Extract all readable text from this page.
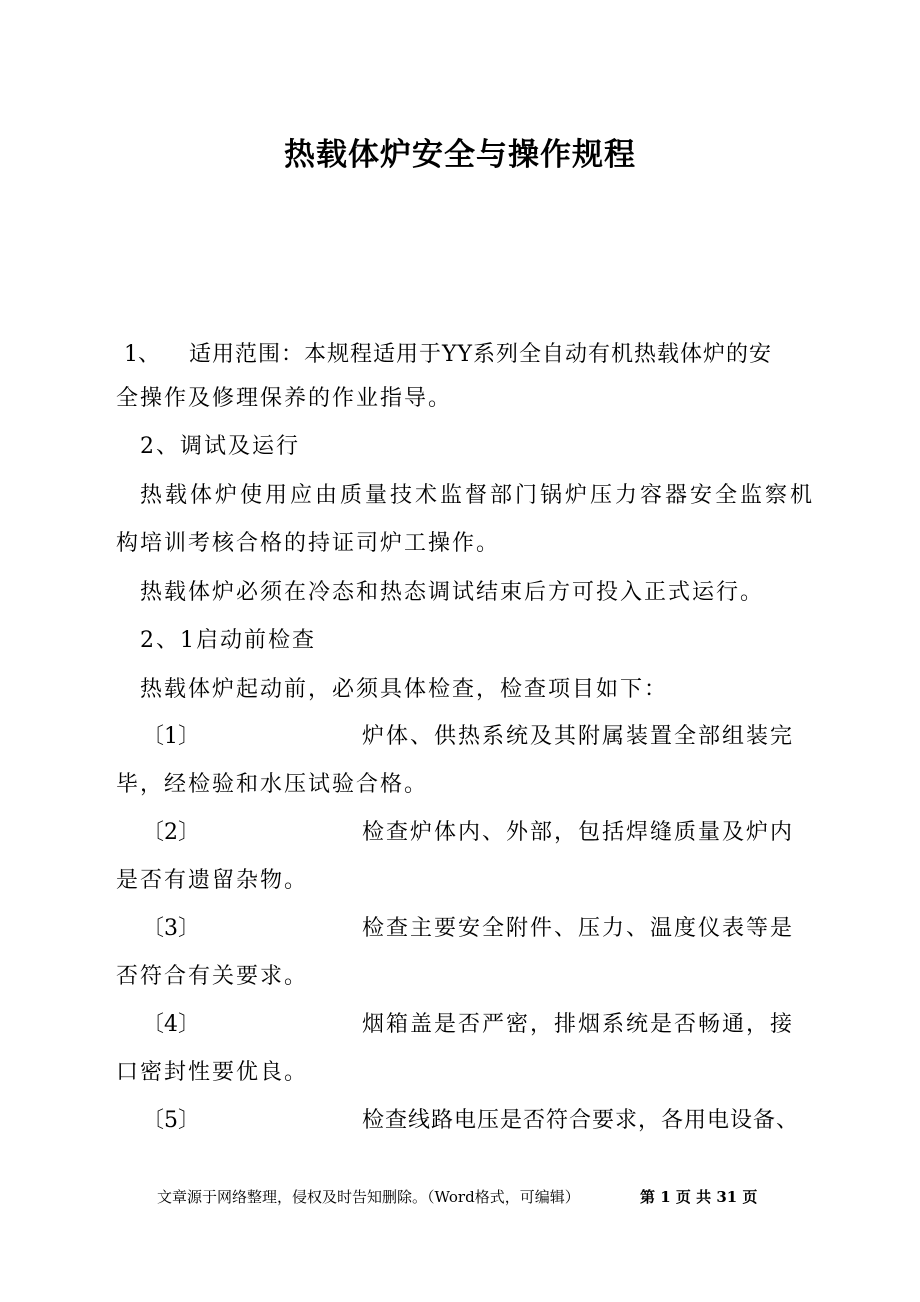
热载体炉安全与操作规程
1、 适用范围：本规程适用于YY系列全自动有机热载体炉的安
全操作及修理保养的作业指导。
2、调试及运行
热载体炉使用应由质量技术监督部门锅炉压力容器安全监察机
构培训考核合格的持证司炉工操作。
热载体炉必须在冷态和热态调试结束后方可投入正式运行。
2、1启动前检查
热载体炉起动前，必须具体检查，检查项目如下：
〔1〕	炉体、供热系统及其附属装置全部组装完
毕，经检验和水压试验合格。
〔2〕	检查炉体内、外部，包括焊缝质量及炉内
是否有遗留杂物。
〔3〕	检查主要安全附件、压力、温度仪表等是
否符合有关要求。
〔4〕	烟箱盖是否严密，排烟系统是否畅通，接
口密封性要优良。
〔5〕	检查线路电压是否符合要求，各用电设备、
文章源于网络整理，侵权及时告知删除。（Word格式，可编辑）	第 1 页 共 31 页
